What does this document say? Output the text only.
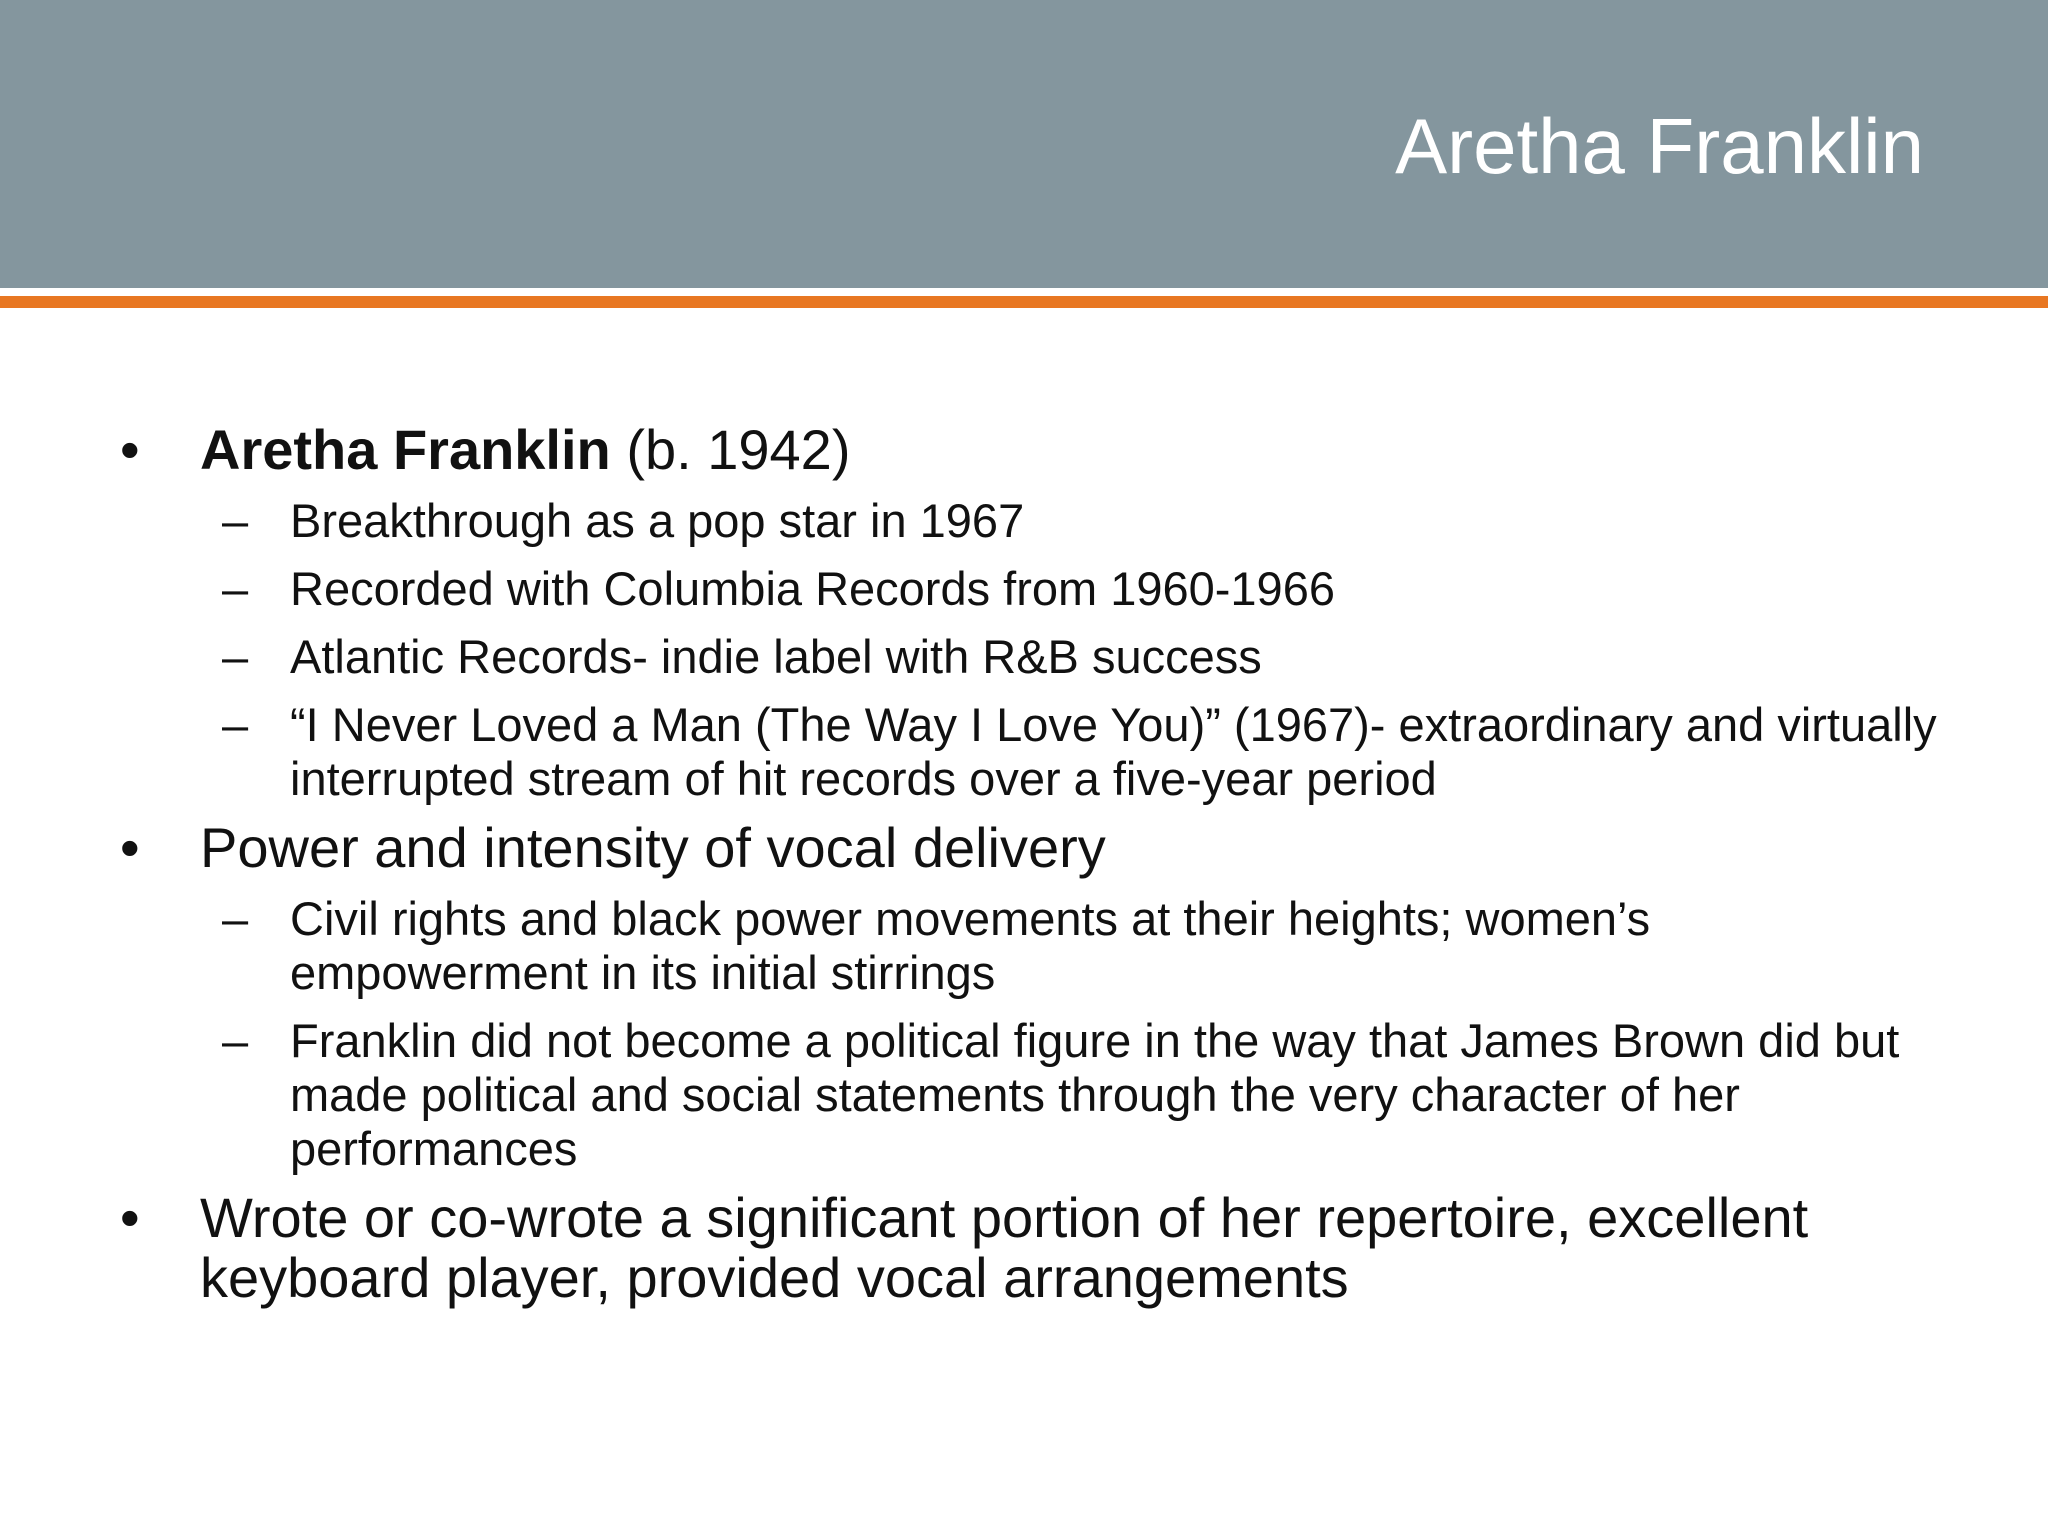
Aretha Franklin
• Aretha Franklin (b. 1942)
– Breakthrough as a pop star in 1967
– Recorded with Columbia Records from 1960-1966
– Atlantic Records- indie label with R&B success
– “I Never Loved a Man (The Way I Love You)” (1967)- extraordinary and virtually interrupted stream of hit records over a five-year period
• Power and intensity of vocal delivery
– Civil rights and black power movements at their heights; women’s empowerment in its initial stirrings
– Franklin did not become a political figure in the way that James Brown did but made political and social statements through the very character of her performances
• Wrote or co-wrote a significant portion of her repertoire, excellent keyboard player, provided vocal arrangements
